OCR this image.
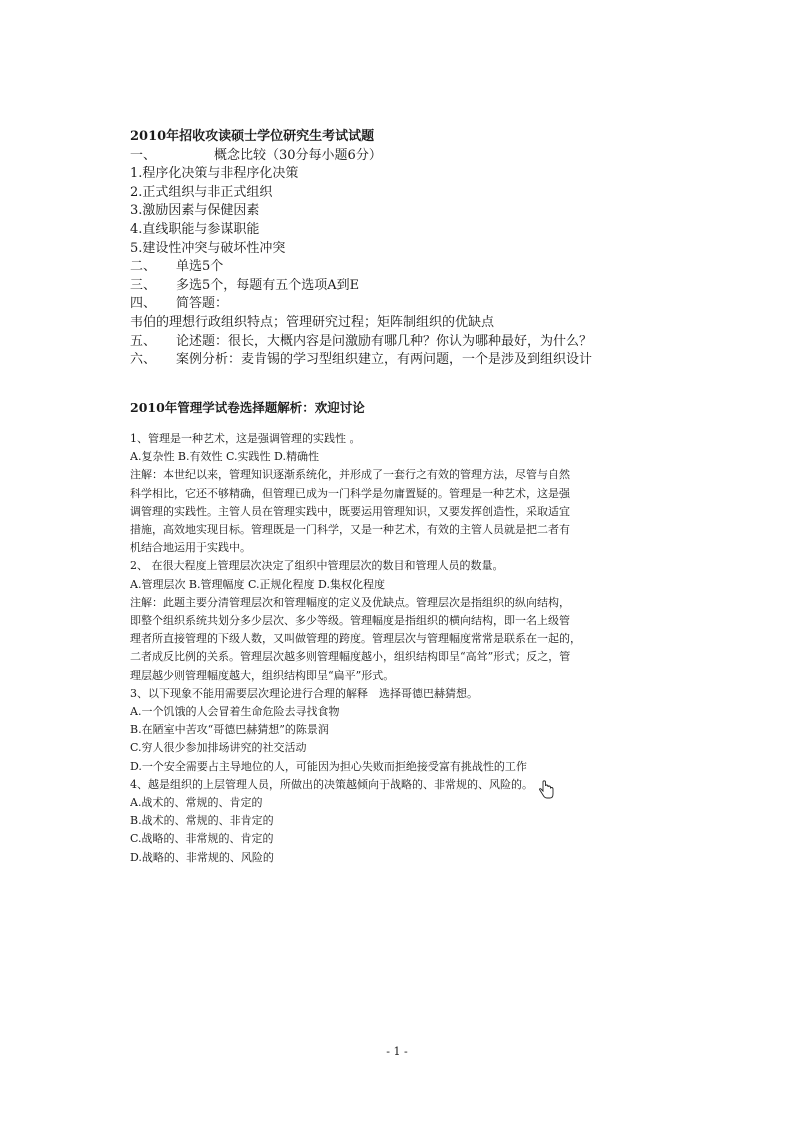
2010年招收攻读硕士学位研究生考试试题
一、	概念比较（30分每小题6分）
1.程序化决策与非程序化决策
2.正式组织与非正式组织
3.激励因素与保健因素
4.直线职能与参谋职能
5.建设性冲突与破坏性冲突
二、 单选5个
三、 多选5个，每题有五个选项A到E
四、 简答题：
韦伯的理想行政组织特点；管理研究过程；矩阵制组织的优缺点
五、 论述题：很长，大概内容是问激励有哪几种？你认为哪种最好，为什么？
六、 案例分析：麦肯锡的学习型组织建立，有两问题，一个是涉及到组织设计
2010年管理学试卷选择题解析：欢迎讨论
1、管理是一种艺术，这是强调管理的实践性 。
A.复杂性 B.有效性 C.实践性 D.精确性
注解：本世纪以来，管理知识逐渐系统化，并形成了一套行之有效的管理方法，尽管与自然
科学相比，它还不够精确，但管理已成为一门科学是勿庸置疑的。管理是一种艺术，这是强
调管理的实践性。主管人员在管理实践中，既要运用管理知识，又要发挥创造性，采取适宜
措施，高效地实现目标。管理既是一门科学，又是一种艺术，有效的主管人员就是把二者有
机结合地运用于实践中。
2、 在很大程度上管理层次决定了组织中管理层次的数目和管理人员的数量。
A.管理层次 B.管理幅度 C.正规化程度 D.集权化程度
注解：此题主要分清管理层次和管理幅度的定义及优缺点。管理层次是指组织的纵向结构，
即整个组织系统共划分多少层次、多少等级。管理幅度是指组织的横向结构，即一名上级管
理者所直接管理的下级人数，又叫做管理的跨度。管理层次与管理幅度常常是联系在一起的，
二者成反比例的关系。管理层次越多则管理幅度越小，组织结构即呈“高耸”形式；反之，管
理层越少则管理幅度越大，组织结构即呈“扁平”形式。
3、以下现象不能用需要层次理论进行合理的解释　选择哥德巴赫猜想。
A.一个饥饿的人会冒着生命危险去寻找食物
B.在陋室中苦攻“哥德巴赫猜想”的陈景润
C.穷人很少参加排场讲究的社交活动
D.一个安全需要占主导地位的人，可能因为担心失败而拒绝接受富有挑战性的工作
4、越是组织的上层管理人员，所做出的决策越倾向于战略的、非常规的、风险的。
A.战术的、常规的、肯定的
B.战术的、常规的、非肯定的
C.战略的、非常规的、肯定的
D.战略的、非常规的、风险的
- 1 -
